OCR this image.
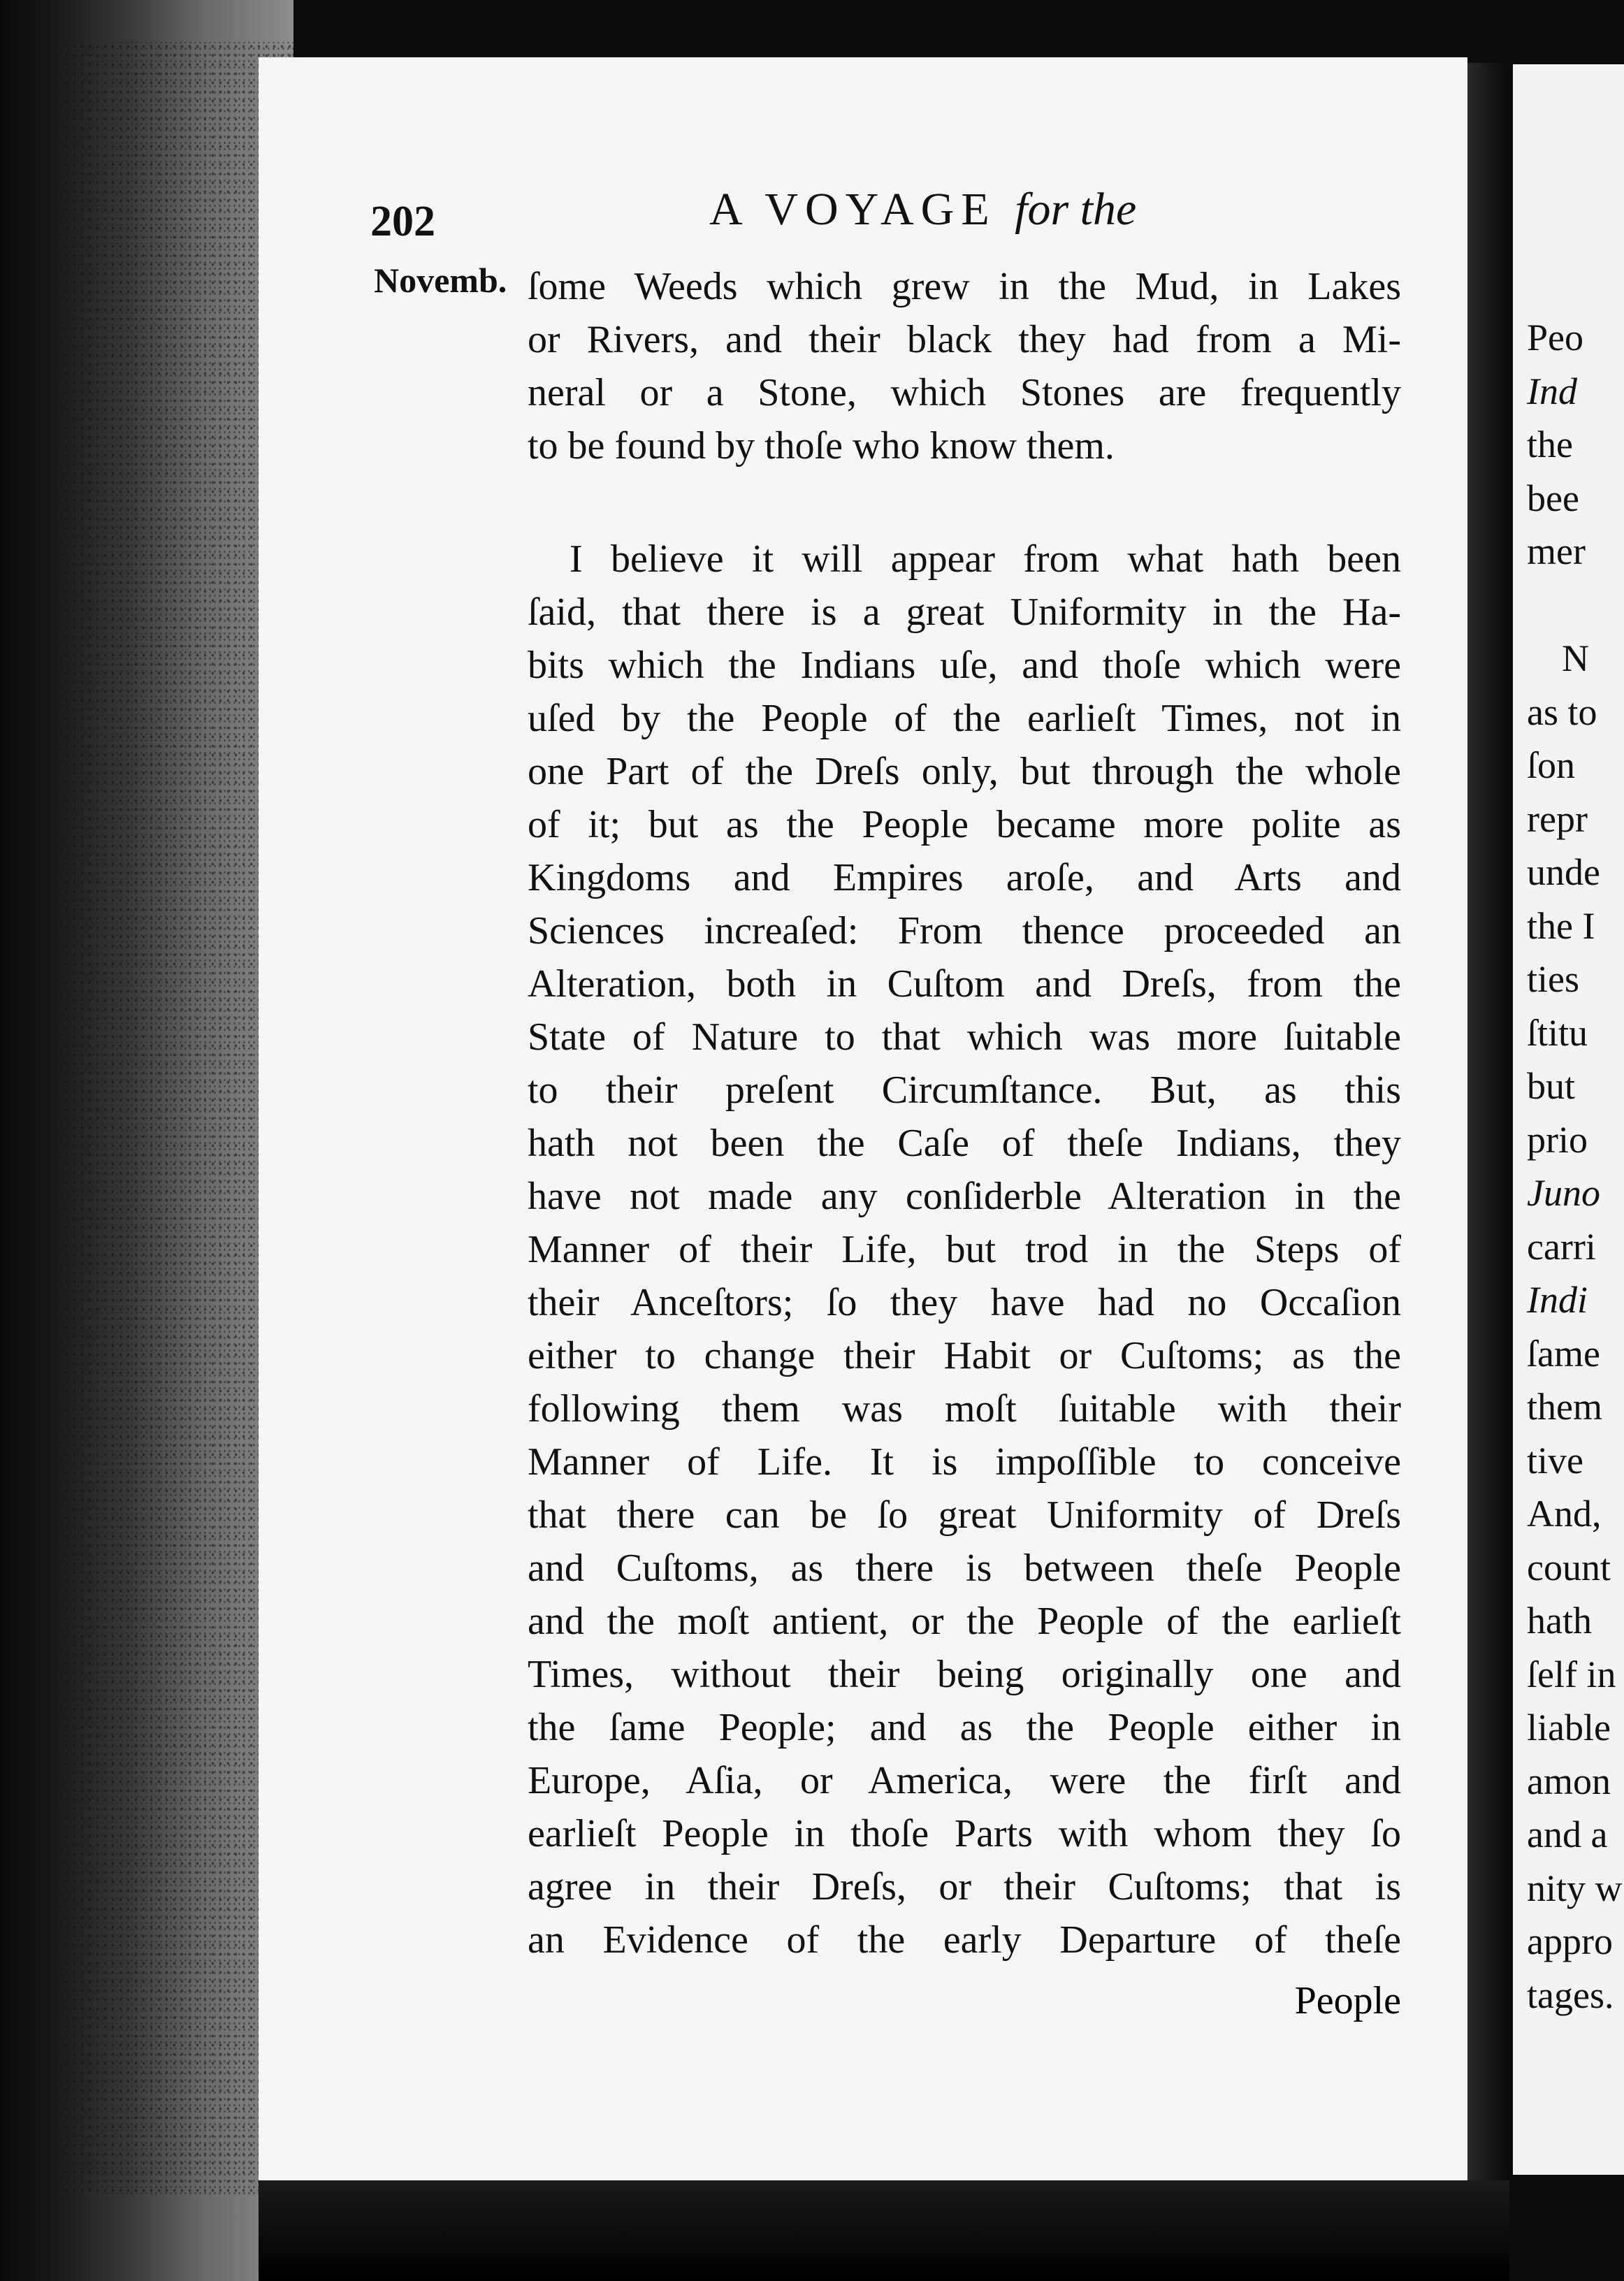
202	A VOYAGE for the
Novemb. ſome Weeds which grew in the Mud, in Lakes
or Rivers, and their black they had from a Mi-
neral or a Stone, which Stones are frequently
to be found by thoſe who know them.
I believe it will appear from what hath been
ſaid, that there is a great Uniformity in the Ha-
bits which the Indians uſe, and thoſe which were
uſed by the People of the earlieſt Times, not in
one Part of the Dreſs only, but through the whole
of it; but as the People became more polite as
Kingdoms and Empires aroſe, and Arts and
Sciences increaſed: From thence proceeded an
Alteration, both in Cuſtom and Dreſs, from the
State of Nature to that which was more ſuitable
to their preſent Circumſtance. But, as this
hath not been the Caſe of theſe Indians, they
have not made any conſiderble Alteration in the
Manner of their Life, but trod in the Steps of
their Anceſtors; ſo they have had no Occaſion
either to change their Habit or Cuſtoms; as the
following them was moſt ſuitable with their
Manner of Life. It is impoſſible to conceive
that there can be ſo great Uniformity of Dreſs
and Cuſtoms, as there is between theſe People
and the moſt antient, or the People of the earlieſt
Times, without their being originally one and
the ſame People; and as the People either in
Europe, Aſia, or America, were the firſt and
earlieſt People in thoſe Parts with whom they ſo
agree in their Dreſs, or their Cuſtoms; that is
an Evidence of the early Departure of theſe
People
Peo
Ind
the
bee
mer
N
as to
ſon
repr
unde
the I
ties
ſtitu
but
prio
Juno
carri
Indi
ſame
them
tive
And,
count
hath
ſelf in
liable
amon
and a
nity w
appro
tages.
